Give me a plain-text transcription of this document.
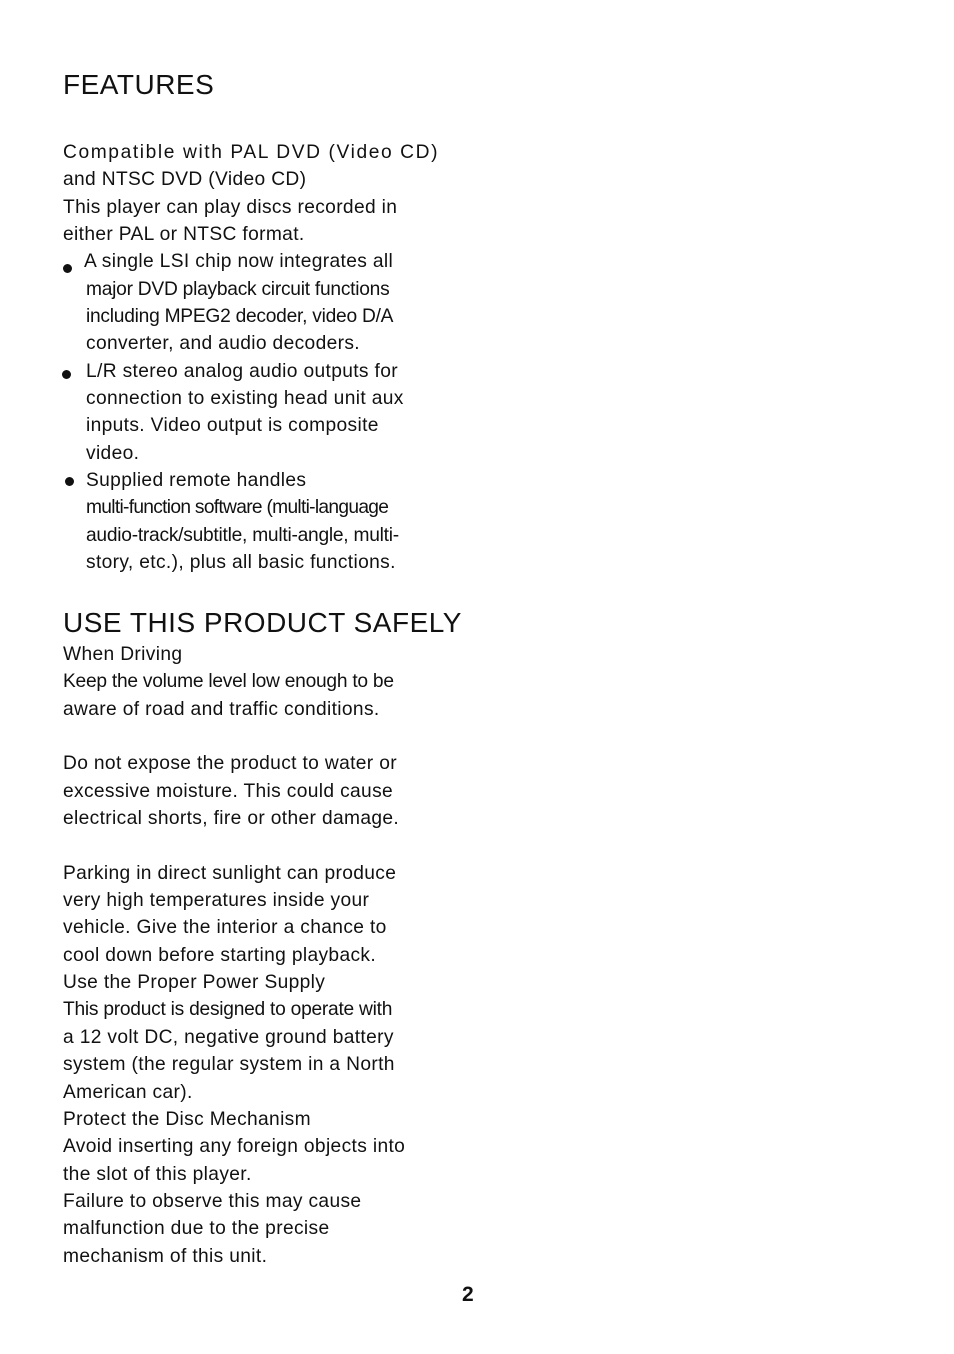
FEATURES
Compatible with PAL DVD (Video CD)
and NTSC DVD (Video CD)
This player can play discs recorded in
either PAL or NTSC format.
A single LSI chip now integrates all
major DVD playback circuit functions
including MPEG2 decoder, video D/A
converter, and audio decoders.
L/R stereo analog audio outputs for
connection to existing head unit aux
inputs. Video output is composite
video.
Supplied remote handles
multi-function software (multi-language
audio-track/subtitle, multi-angle, multi-
story, etc.), plus all basic functions.
USE THIS PRODUCT SAFELY
When Driving
Keep the volume level low enough to be
aware of road and traffic conditions.
Do not expose the product to water or
excessive moisture. This could cause
electrical shorts, fire or other damage.
Parking in direct sunlight can produce
very high temperatures inside your
vehicle. Give the interior a chance to
cool down before starting playback.
Use the Proper Power Supply
This product is designed to operate with
a 12 volt DC, negative ground battery
system (the regular system in a North
American car).
Protect the Disc Mechanism
Avoid inserting any foreign objects into
the slot of this player.
Failure to observe this may cause
malfunction due to the precise
mechanism of this unit.
2
